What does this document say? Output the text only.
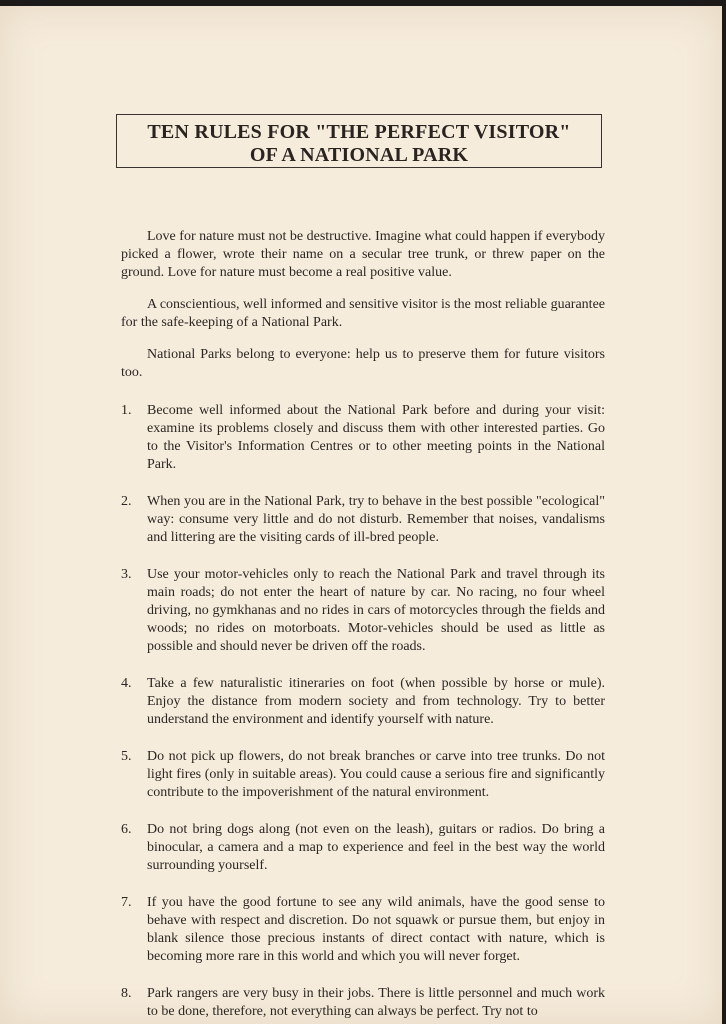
TEN RULES FOR "THE PERFECT VISITOR"
OF A NATIONAL PARK

Love for nature must not be destructive. Imagine what could happen if everybody picked a flower, wrote their name on a secular tree trunk, or threw paper on the ground. Love for nature must become a real positive value.

A conscientious, well informed and sensitive visitor is the most reliable guarantee for the safe-keeping of a National Park.

National Parks belong to everyone: help us to preserve them for future visitors too.

1. Become well informed about the National Park before and during your visit: examine its problems closely and discuss them with other interested parties. Go to the Visitor's Information Centres or to other meeting points in the National Park.
2. When you are in the National Park, try to behave in the best possible "ecological" way: consume very little and do not disturb. Remember that noises, vandalisms and littering are the visiting cards of ill-bred people.
3. Use your motor-vehicles only to reach the National Park and travel through its main roads; do not enter the heart of nature by car. No racing, no four wheel driving, no gymkhanas and no rides in cars of motorcycles through the fields and woods; no rides on motorboats. Motor-vehicles should be used as little as possible and should never be driven off the roads.
4. Take a few naturalistic itineraries on foot (when possible by horse or mule). Enjoy the distance from modern society and from technology. Try to better understand the environment and identify yourself with nature.
5. Do not pick up flowers, do not break branches or carve into tree trunks. Do not light fires (only in suitable areas). You could cause a serious fire and significantly contribute to the impoverishment of the natural environment.
6. Do not bring dogs along (not even on the leash), guitars or radios. Do bring a binocular, a camera and a map to experience and feel in the best way the world surrounding yourself.
7. If you have the good fortune to see any wild animals, have the good sense to behave with respect and discretion. Do not squawk or pursue them, but enjoy in blank silence those precious instants of direct contact with nature, which is becoming more rare in this world and which you will never forget.
8. Park rangers are very busy in their jobs. There is little personnel and much work to be done, therefore, not everything can always be perfect. Try not to
